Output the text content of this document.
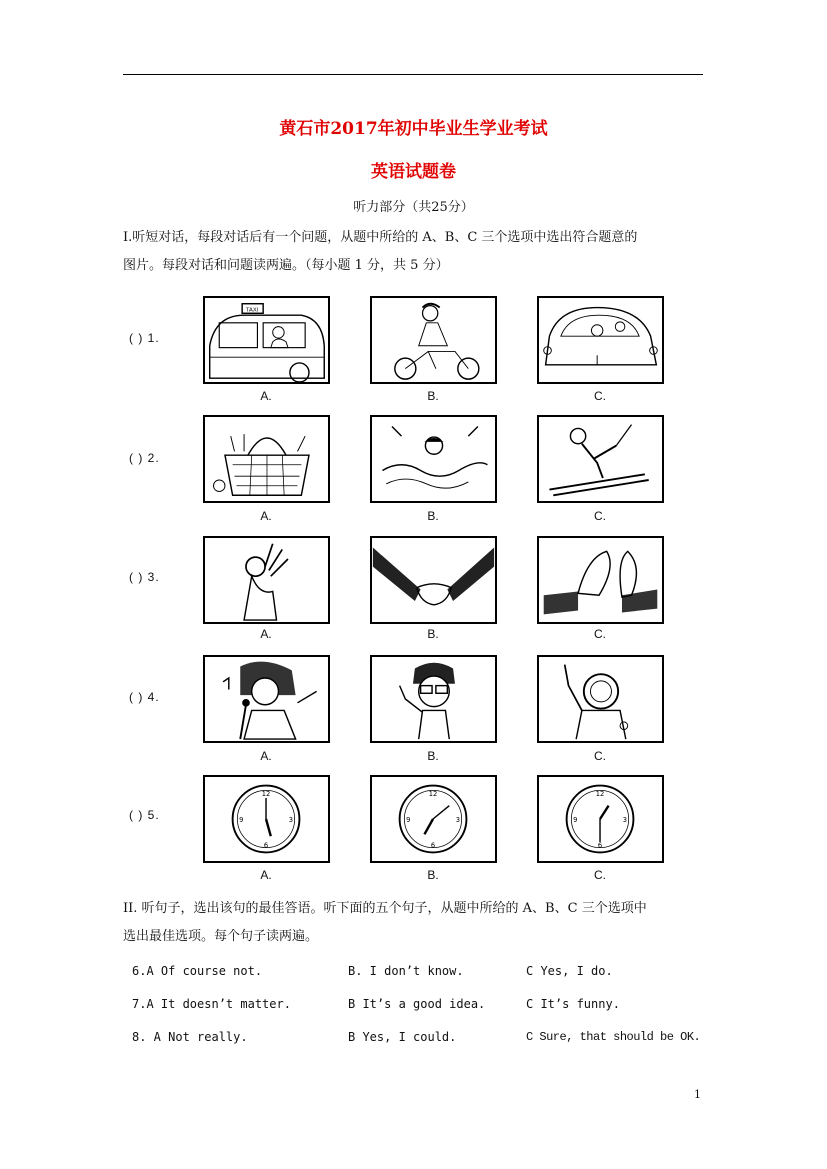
黄石市2017年初中毕业生学业考试
英语试题卷
听力部分（共25分）
Ⅰ.听短对话，每段对话后有一个问题，从题中所给的 A、B、C 三个选项中选出符合题意的
图片。每段对话和问题读两遍。（每小题 1 分，共 5 分）
( ) 1.
( ) 2.
( ) 3.
( ) 4.
( ) 5.
TAXI
12
6
3
9
12
6
3
9
12
6
3
9
A.	B.	C.
A.	B.	C.
A.	B.	C.
A.	B.	C.
A.	B.	C.
II. 听句子，选出该句的最佳答语。听下面的五个句子，从题中所给的 A、B、C 三个选项中
选出最佳选项。每个句子读两遍。
6.A Of course not.	B. I don’t know.	C Yes, I do.
7.A It doesn’t matter.	B It’s a good idea.	C It’s funny.
8. A Not really.	B Yes, I could.	C Sure, that should be OK.
1
